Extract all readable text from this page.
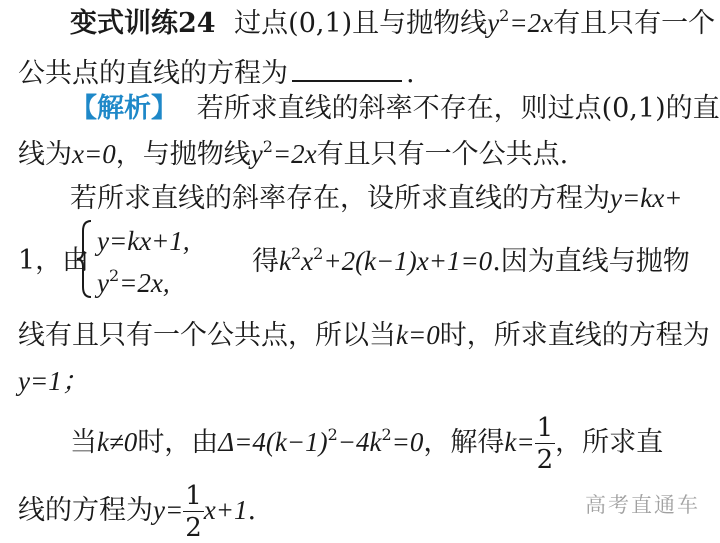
变式训练24 过点(0,1)且与抛物线$y^2=2x$有且只有一个
公共点的直线的方程为	.
【解析】 若所求直线的斜率不存在，则过点(0,1)的直
线为x=0，与抛物线$y^2=2x$有且只有一个公共点.
若所求直线的斜率存在，设所求直线的方程为y=kx+
1，由
y=kx+1,
$y^2=2x$,
得$k^2x^2+2(k-1)x+1=0$.因为直线与抛物
线有且只有一个公共点，所以当k=0时，所求直线的方程为
y=1；
当k≠0时，由$\Delta=4(k-1)^2-4k^2=0$，解得$k= \frac{1}{2}$ ，所求直
线的方程为$y= \frac{1}{2} x+1$.	高考直通车
